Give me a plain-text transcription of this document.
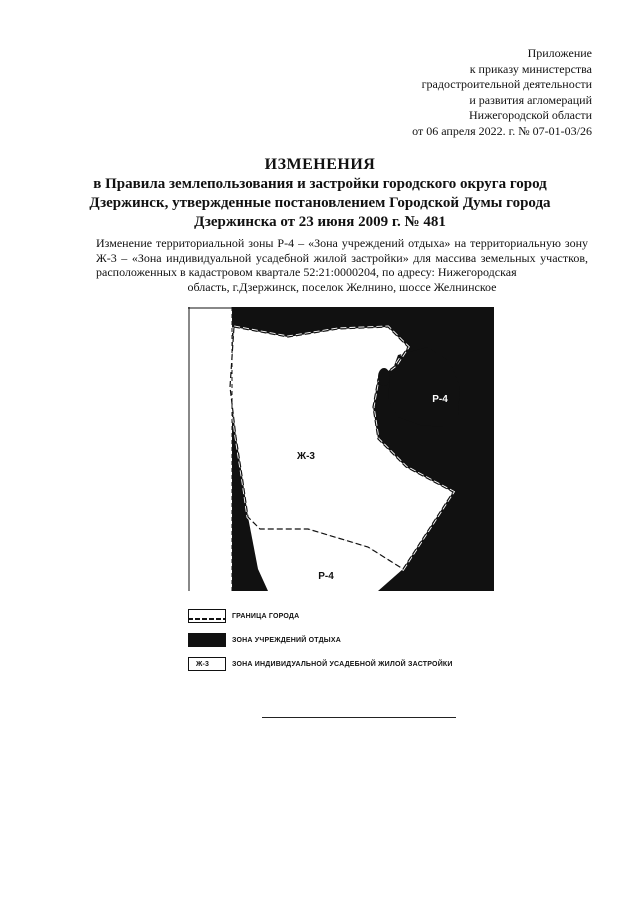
Приложение
к приказу министерства
градостроительной деятельности
и развития агломераций
Нижегородской области
от 06 апреля 2022. г. № 07-01-03/26
ИЗМЕНЕНИЯ
в Правила землепользования и застройки городского округа город
Дзержинск, утвержденные постановлением Городской Думы города
Дзержинска от 23 июня 2009 г. № 481
Изменение территориальной зоны Р-4 – «Зона учреждений отдыха» на территориальную зону Ж-3 – «Зона индивидуальной усадебной жилой застройки» для массива земельных участков, расположенных в кадастровом квартале 52:21:0000204, по адресу: Нижегородская
область, г.Дзержинск, поселок Желнино, шоссе Желнинское
Ж-3
Р-4
Р-4
ГРАНИЦА ГОРОДА
ЗОНА УЧРЕЖДЕНИЙ ОТДЫХА
Ж-3	ЗОНА ИНДИВИДУАЛЬНОЙ УСАДЕБНОЙ ЖИЛОЙ ЗАСТРОЙКИ
